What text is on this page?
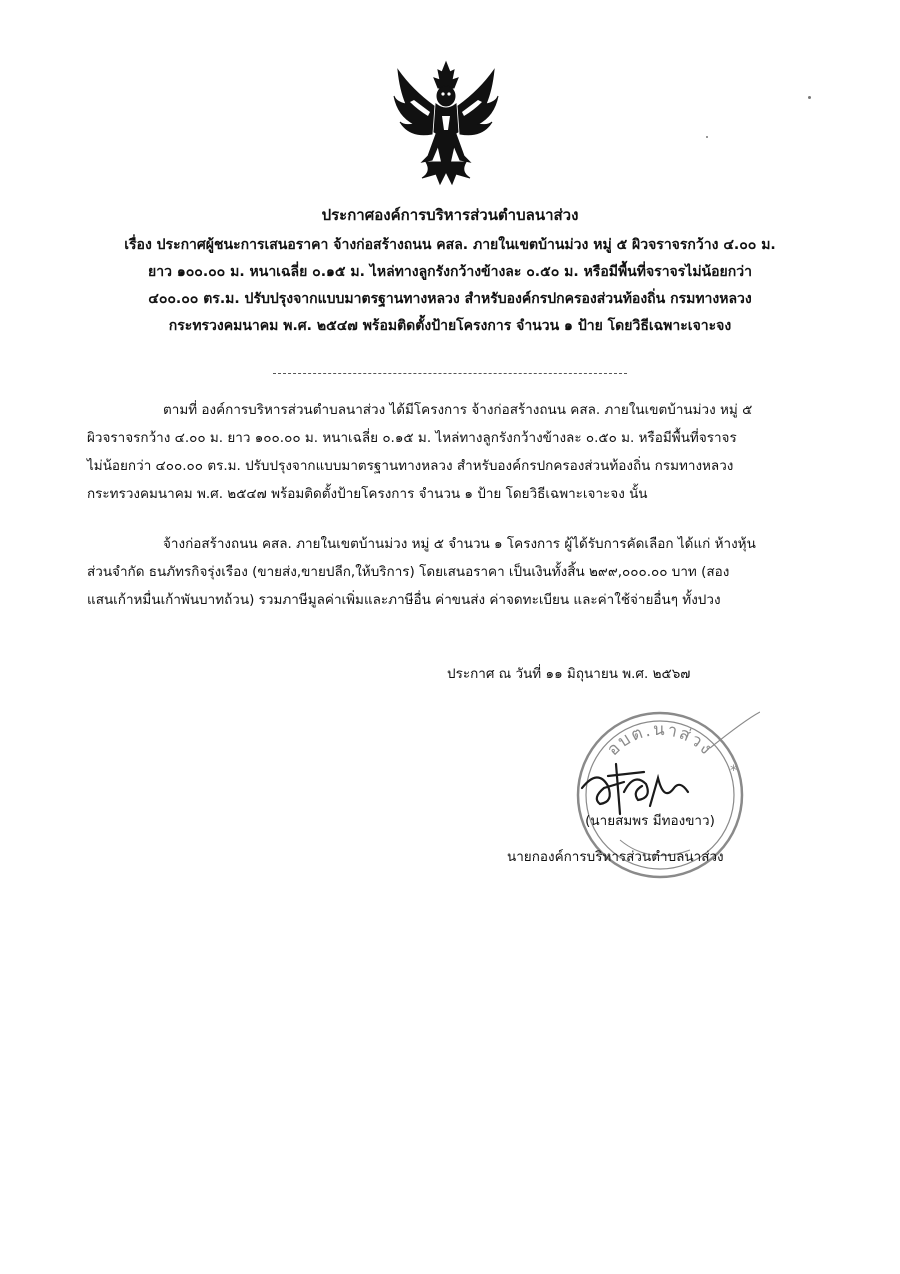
ประกาศองค์การบริหารส่วนตำบลนาส่วง
เรื่อง ประกาศผู้ชนะการเสนอราคา จ้างก่อสร้างถนน คสล. ภายในเขตบ้านม่วง หมู่ ๕ ผิวจราจรกว้าง ๔.๐๐ ม.
ยาว ๑๐๐.๐๐ ม. หนาเฉลี่ย ๐.๑๕ ม. ไหล่ทางลูกรังกว้างข้างละ ๐.๕๐ ม. หรือมีพื้นที่จราจรไม่น้อยกว่า
๔๐๐.๐๐ ตร.ม. ปรับปรุงจากแบบมาตรฐานทางหลวง สำหรับองค์กรปกครองส่วนท้องถิ่น กรมทางหลวง
กระทรวงคมนาคม พ.ศ. ๒๕๔๗ พร้อมติดตั้งป้ายโครงการ จำนวน ๑ ป้าย โดยวิธีเฉพาะเจาะจง
ตามที่ องค์การบริหารส่วนตำบลนาส่วง ได้มีโครงการ จ้างก่อสร้างถนน คสล. ภายในเขตบ้านม่วง หมู่ ๕
ผิวจราจรกว้าง ๔.๐๐ ม. ยาว ๑๐๐.๐๐ ม. หนาเฉลี่ย ๐.๑๕ ม. ไหล่ทางลูกรังกว้างข้างละ ๐.๕๐ ม. หรือมีพื้นที่จราจร
ไม่น้อยกว่า ๔๐๐.๐๐ ตร.ม. ปรับปรุงจากแบบมาตรฐานทางหลวง สำหรับองค์กรปกครองส่วนท้องถิ่น กรมทางหลวง
กระทรวงคมนาคม พ.ศ. ๒๕๔๗ พร้อมติดตั้งป้ายโครงการ จำนวน ๑ ป้าย โดยวิธีเฉพาะเจาะจง นั้น
จ้างก่อสร้างถนน คสล. ภายในเขตบ้านม่วง หมู่ ๕ จำนวน ๑ โครงการ ผู้ได้รับการคัดเลือก ได้แก่ ห้างหุ้น
ส่วนจำกัด ธนภัทรกิจรุ่งเรือง (ขายส่ง,ขายปลีก,ให้บริการ) โดยเสนอราคา เป็นเงินทั้งสิ้น ๒๙๙,๐๐๐.๐๐ บาท (สอง
แสนเก้าหมื่นเก้าพันบาทถ้วน) รวมภาษีมูลค่าเพิ่มและภาษีอื่น ค่าขนส่ง ค่าจดทะเบียน และค่าใช้จ่ายอื่นๆ ทั้งปวง
ประกาศ ณ วันที่ ๑๑ มิถุนายน พ.ศ. ๒๕๖๗
อบต.นาส่วง
*
(นายสมพร มีทองขาว)
นายกองค์การบริหารส่วนตำบลนาส่วง
